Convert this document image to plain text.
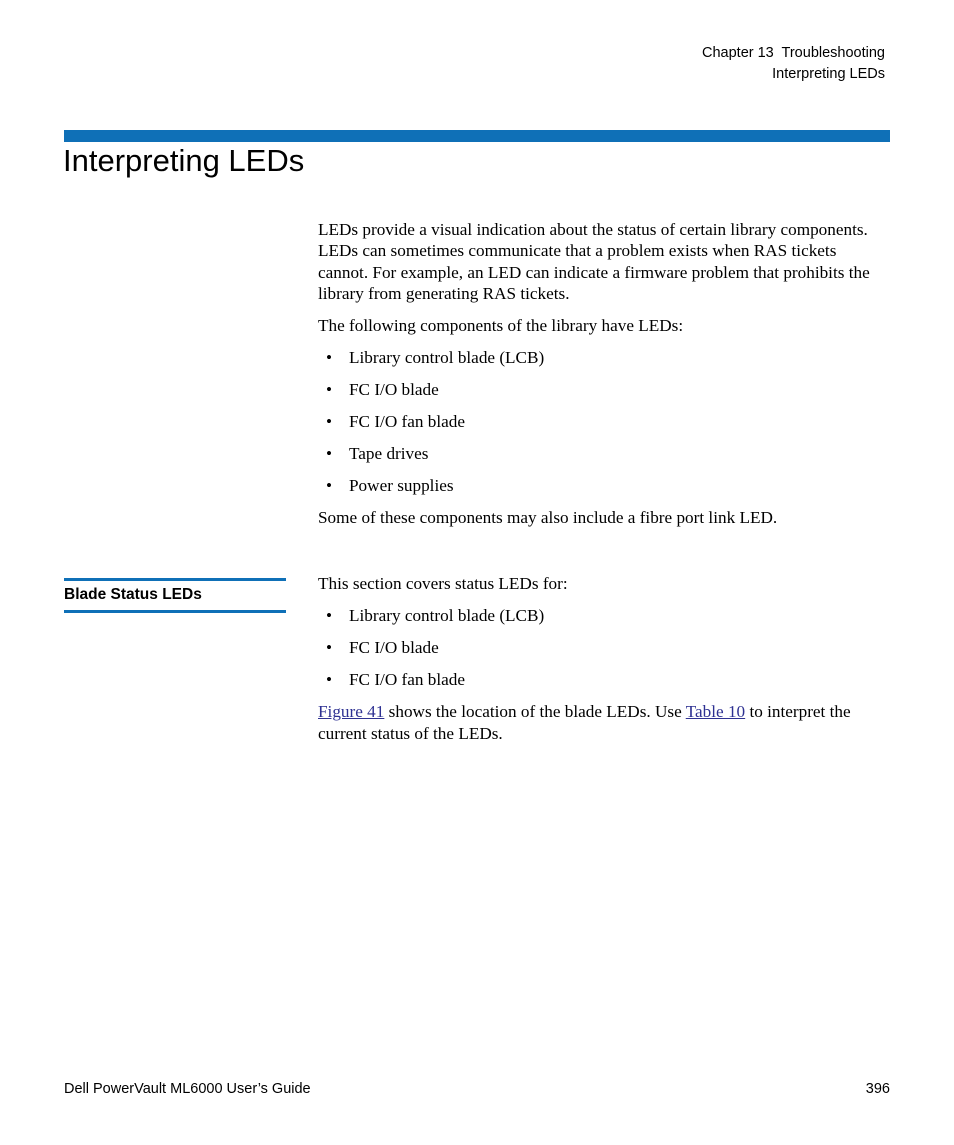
Chapter 13  Troubleshooting
Interpreting LEDs
Interpreting LEDs

LEDs provide a visual indication about the status of certain library components. LEDs can sometimes communicate that a problem exists when RAS tickets cannot. For example, an LED can indicate a firmware problem that prohibits the library from generating RAS tickets.

The following components of the library have LEDs:

• Library control blade (LCB)
• FC I/O blade
• FC I/O fan blade
• Tape drives
• Power supplies

Some of these components may also include a fibre port link LED.

Blade Status LEDs

This section covers status LEDs for:

• Library control blade (LCB)
• FC I/O blade
• FC I/O fan blade

Figure 41 shows the location of the blade LEDs. Use Table 10 to interpret the current status of the LEDs.

Dell PowerVault ML6000 User’s Guide	396
